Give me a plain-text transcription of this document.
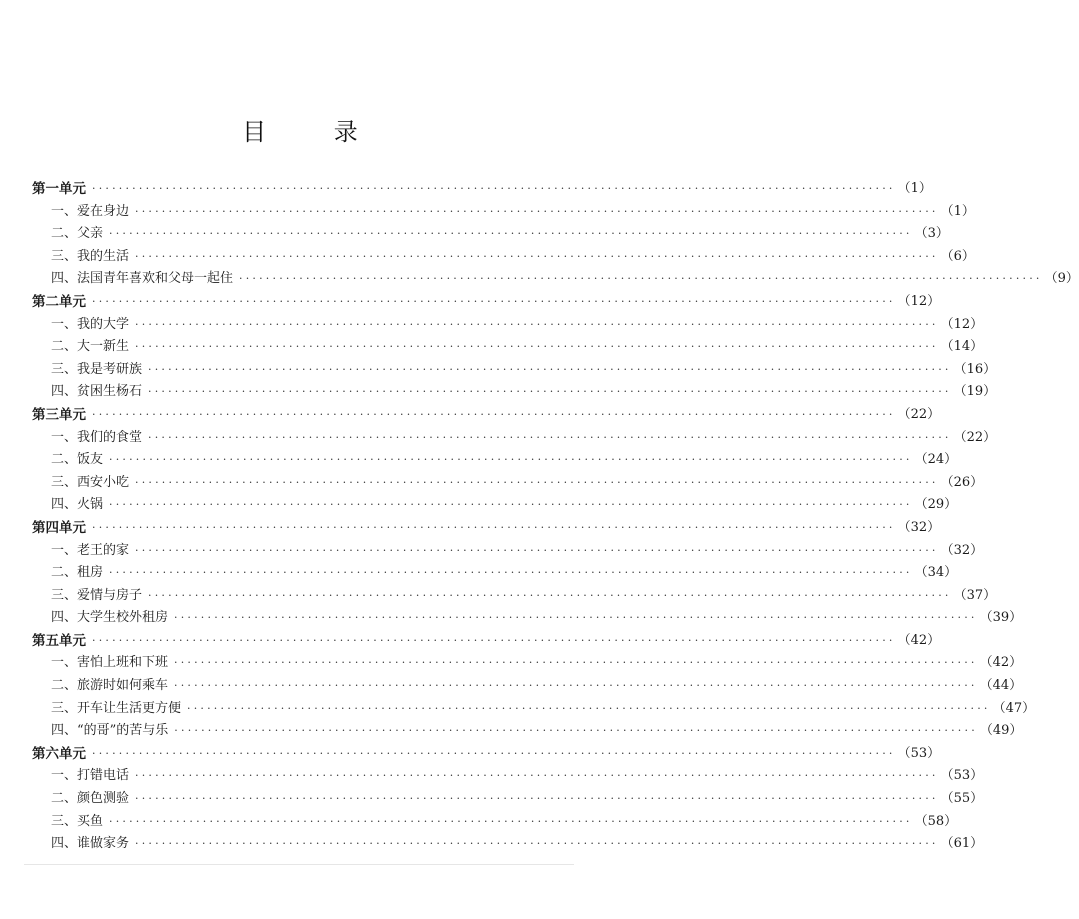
目 录
第一单元 ························································································································ （1）
一、爱在身边 ························································································································ （1）
二、父亲 ························································································································ （3）
三、我的生活 ························································································································ （6）
四、法国青年喜欢和父母一起住 ························································································································ （9）
第二单元 ························································································································ （12）
一、我的大学 ························································································································ （12）
二、大一新生 ························································································································ （14）
三、我是考研族 ························································································································ （16）
四、贫困生杨石 ························································································································ （19）
第三单元 ························································································································ （22）
一、我们的食堂 ························································································································ （22）
二、饭友 ························································································································ （24）
三、西安小吃 ························································································································ （26）
四、火锅 ························································································································ （29）
第四单元 ························································································································ （32）
一、老王的家 ························································································································ （32）
二、租房 ························································································································ （34）
三、爱情与房子 ························································································································ （37）
四、大学生校外租房 ························································································································ （39）
第五单元 ························································································································ （42）
一、害怕上班和下班 ························································································································ （42）
二、旅游时如何乘车 ························································································································ （44）
三、开车让生活更方便 ························································································································ （47）
四、“的哥”的苦与乐 ························································································································ （49）
第六单元 ························································································································ （53）
一、打错电话 ························································································································ （53）
二、颜色测验 ························································································································ （55）
三、买鱼 ························································································································ （58）
四、谁做家务 ························································································································ （61）
